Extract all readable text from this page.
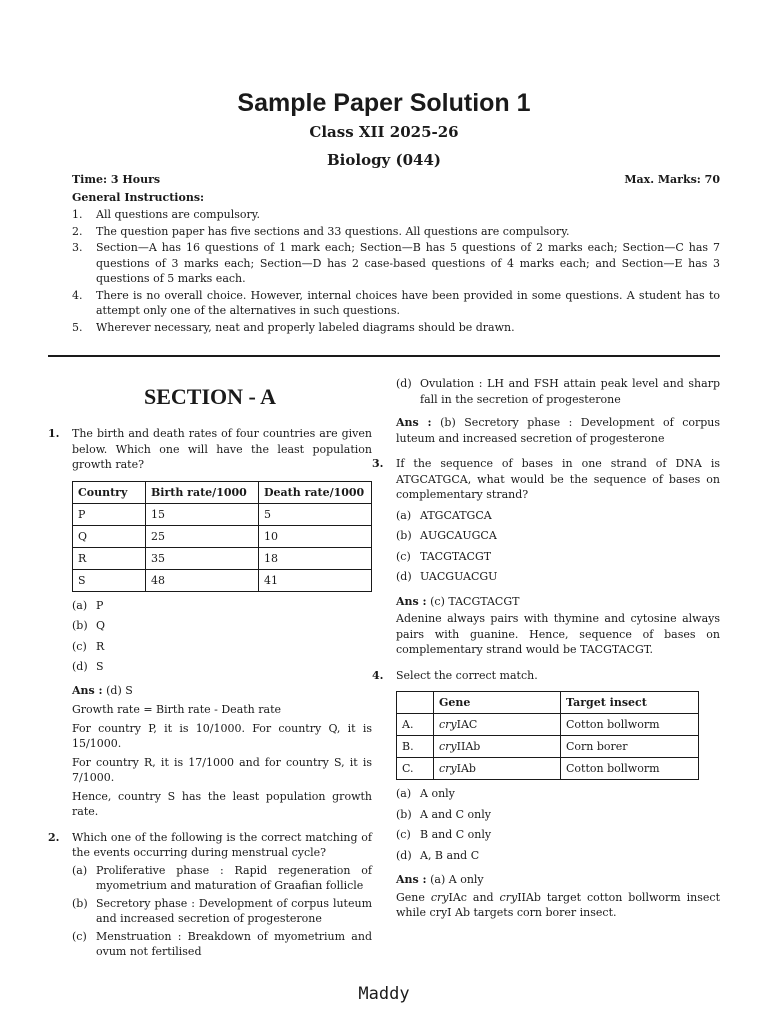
Sample Paper Solution 1
Class XII 2025-26
Biology (044)
Time: 3 Hours	Max. Marks: 70
General Instructions:
1. All questions are compulsory.
2. The question paper has five sections and 33 questions. All questions are compulsory.
3. Section—A has 16 questions of 1 mark each; Section—B has 5 questions of 2 marks each; Section—C has 7 questions of 3 marks each; Section—D has 2 case-based questions of 4 marks each; and Section—E has 3 questions of 5 marks each.
4. There is no overall choice. However, internal choices have been provided in some questions. A student has to attempt only one of the alternatives in such questions.
5. Wherever necessary, neat and properly labeled diagrams should be drawn.
SECTION - A
1. The birth and death rates of four countries are given below. Which one will have the least population growth rate?
Country	Birth rate/1000	Death rate/1000
P	15	5
Q	25	10
R	35	18
S	48	41
(a) P
(b) Q
(c) R
(d) S
Ans : (d) S
Growth rate = Birth rate - Death rate
For country P, it is 10/1000. For country Q, it is 15/1000.
For country R, it is 17/1000 and for country S, it is 7/1000.
Hence, country S has the least population growth rate.
2. Which one of the following is the correct matching of the events occurring during menstrual cycle?
(a) Proliferative phase : Rapid regeneration of myometrium and maturation of Graafian follicle
(b) Secretory phase : Development of corpus luteum and increased secretion of progesterone
(c) Menstruation : Breakdown of myometrium and ovum not fertilised
(d) Ovulation : LH and FSH attain peak level and sharp fall in the secretion of progesterone
Ans : (b) Secretory phase : Development of corpus luteum and increased secretion of progesterone
3. If the sequence of bases in one strand of DNA is ATGCATGCA, what would be the sequence of bases on complementary strand?
(a) ATGCATGCA
(b) AUGCAUGCA
(c) TACGTACGT
(d) UACGUACGU
Ans : (c) TACGTACGT
Adenine always pairs with thymine and cytosine always pairs with guanine. Hence, sequence of bases on complementary strand would be TACGTACGT.
4. Select the correct match.
	Gene	Target insect
A.	cryIAC	Cotton bollworm
B.	cryIIAb	Corn borer
C.	cryIAb	Cotton bollworm
(a) A only
(b) A and C only
(c) B and C only
(d) A, B and C
Ans : (a) A only
Gene cryIAc and cryIIAb target cotton bollworm insect while cryI Ab targets corn borer insect.
Maddy
